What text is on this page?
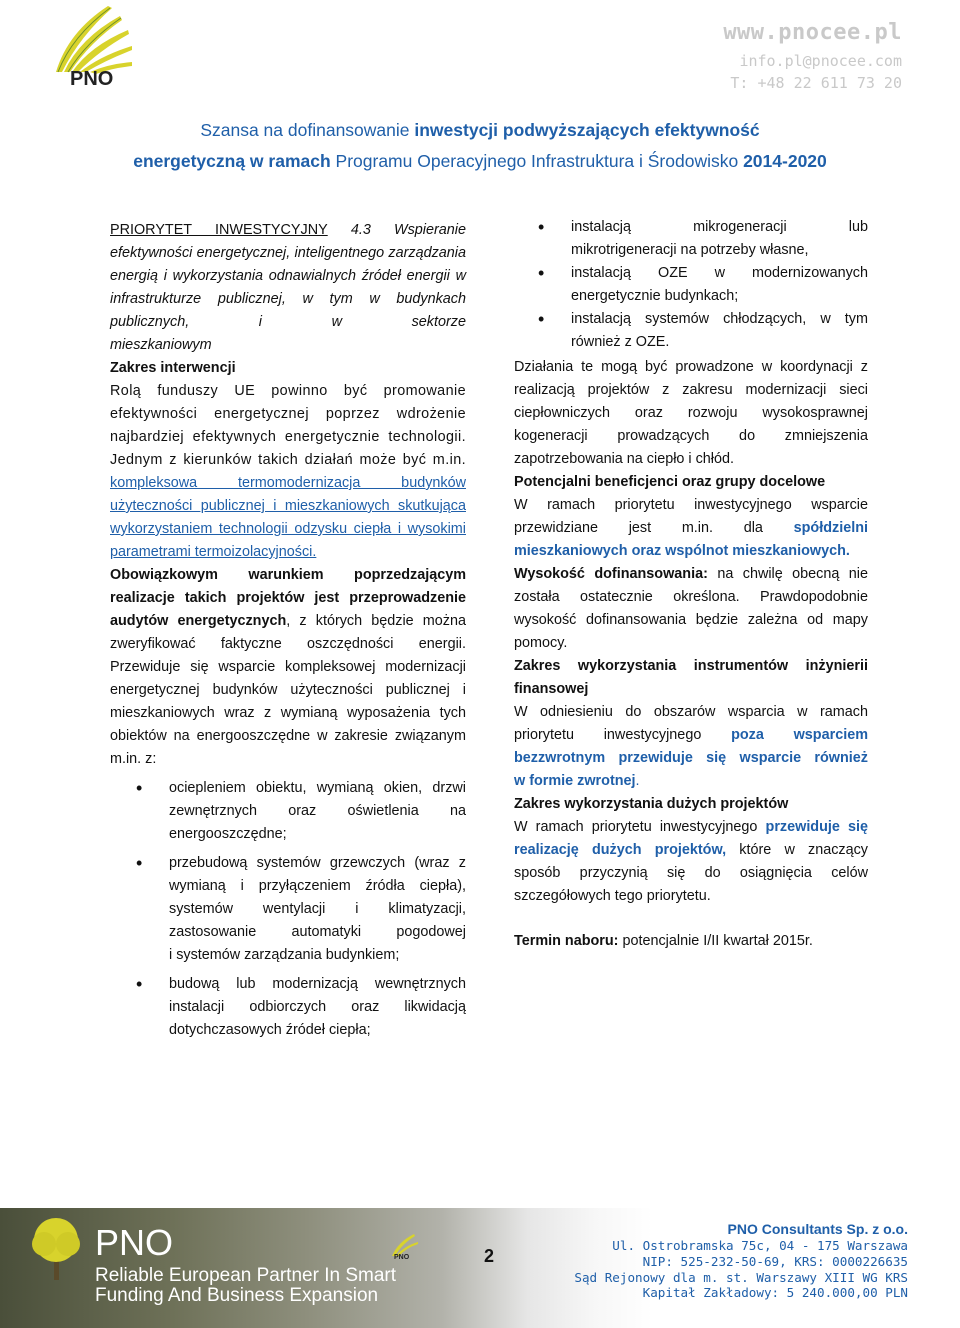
PNO
www.pnocee.pl
info.pl@pnocee.com
T: +48 22 611 73 20
Szansa na dofinansowanie inwestycji podwyższających efektywność
energetyczną w ramach Programu Operacyjnego Infrastruktura i Środowisko 2014-2020
PRIORYTET INWESTYCYJNY 4.3 Wspieranie efektywności energetycznej, inteligentnego zarządzania energią i wykorzystania odnawialnych źródeł energii w infrastrukturze publicznej, w tym w budynkach publicznych, i w sektorze
mieszkaniowym
Zakres interwencji
Rolą funduszy UE powinno być promowanie efektywności energetycznej poprzez wdrożenie najbardziej efektywnych energetycznie technologii. Jednym z kierunków takich działań może być m.in.
kompleksowa termomodernizacja budynków użyteczności publicznej i mieszkaniowych skutkująca wykorzystaniem technologii odzysku ciepła i wysokimi
parametrami termoizolacyjności.
Obowiązkowym warunkiem poprzedzającym realizacje takich projektów jest przeprowadzenie audytów energetycznych, z których będzie można zweryfikować faktyczne oszczędności energii.
Przewiduje się wsparcie kompleksowej modernizacji energetycznej budynków użyteczności publicznej i mieszkaniowych wraz z wymianą wyposażenia tych obiektów na energooszczędne w zakresie związanym
m.in. z:
• ociepleniem obiektu, wymianą okien, drzwi zewnętrznych oraz oświetlenia na energooszczędne;
• przebudową systemów grzewczych (wraz z wymianą i przyłączeniem źródła ciepła), systemów wentylacji i klimatyzacji, zastosowanie automatyki pogodowej
i systemów zarządzania budynkiem;
• budową lub modernizacją wewnętrznych instalacji odbiorczych oraz likwidacją dotychczasowych źródeł ciepła;
• instalacją mikrogeneracji lub
mikrotrigeneracji na potrzeby własne,
• instalacją OZE w modernizowanych
energetycznie budynkach;
• instalacją systemów chłodzących, w tym
również z OZE.
Działania te mogą być prowadzone w koordynacji z realizacją projektów z zakresu modernizacji sieci ciepłowniczych oraz rozwoju wysokosprawnej kogeneracji prowadzących do zmniejszenia
zapotrzebowania na ciepło i chłód.
Potencjalni beneficjenci oraz grupy docelowe
W ramach priorytetu inwestycyjnego wsparcie przewidziane jest m.in. dla spółdzielni
mieszkaniowych oraz wspólnot mieszkaniowych.
Wysokość dofinansowania: na chwilę obecną nie została ostatecznie określona. Prawdopodobnie wysokość dofinansowania będzie zależna od mapy
pomocy.
Zakres wykorzystania instrumentów inżynierii
finansowej
W odniesieniu do obszarów wsparcia w ramach priorytetu inwestycyjnego poza wsparciem bezzwrotnym przewiduje się wsparcie również
w formie zwrotnej.
Zakres wykorzystania dużych projektów
W ramach priorytetu inwestycyjnego przewiduje się realizację dużych projektów, które w znaczący sposób przyczynią się do osiągnięcia celów
szczegółowych tego priorytetu.
Termin naboru: potencjalnie I/II kwartał 2015r.
PNO
Reliable European Partner In Smart
Funding And Business Expansion
PNO	2
PNO Consultants Sp. z o.o.
Ul. Ostrobramska 75c, 04 - 175 Warszawa
NIP: 525-232-50-69, KRS: 0000226635
Sąd Rejonowy dla m. st. Warszawy XIII WG KRS
Kapitał Zakładowy: 5 240.000,00 PLN
